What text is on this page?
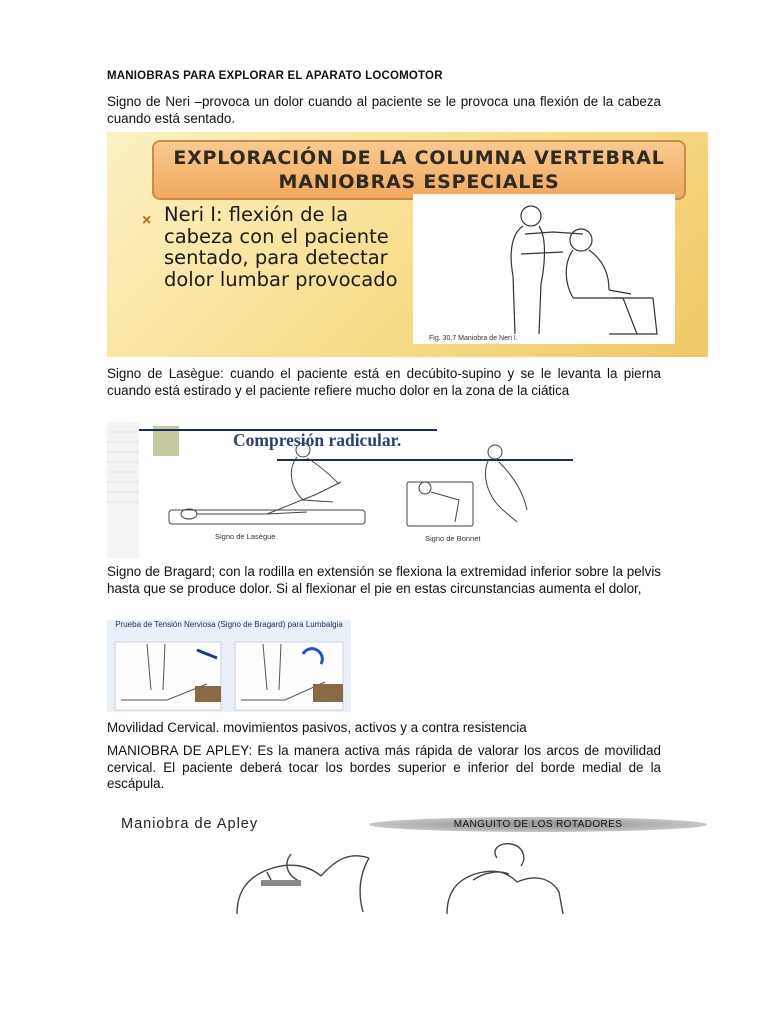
MANIOBRAS PARA EXPLORAR EL APARATO LOCOMOTOR
Signo de Neri –provoca un dolor cuando al paciente se le provoca una flexión de la cabeza cuando está sentado.
EXPLORACIÓN DE LA COLUMNA VERTEBRAL
MANIOBRAS ESPECIALES
× Neri I: flexión de la cabeza con el paciente sentado, para detectar dolor lumbar provocado
Fig. 30.7 Maniobra de Neri I.
Signo de Lasègue: cuando el paciente está en decúbito-supino y se le levanta la pierna cuando está estirado y el paciente refiere mucho dolor en la zona de la ciática
Compresión radicular.
Signo de Lasègue	Signo de Bonnet
Signo de Bragard; con la rodilla en extensión se flexiona la extremidad inferior sobre la pelvis hasta que se produce dolor. Si al flexionar el pie en estas circunstancias aumenta el dolor,
Prueba de Tensión Nerviosa (Signo de Bragard) para Lumbalgia
Movilidad Cervical. movimientos pasivos, activos y a contra resistencia
MANIOBRA DE APLEY: Es la manera activa más rápida de valorar los arcos de movilidad cervical. El paciente deberá tocar los bordes superior e inferior del borde medial de la escápula.
Maniobra de Apley	MANGUITO DE LOS ROTADORES
